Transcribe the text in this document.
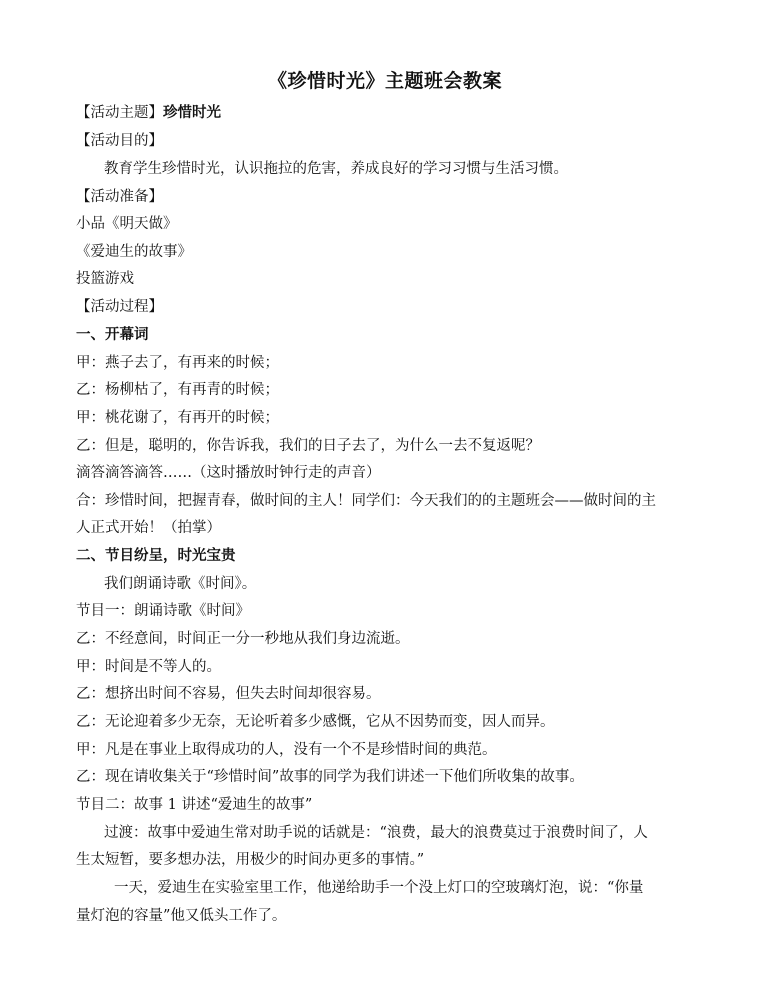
《珍惜时光》主题班会教案
【活动主题】珍惜时光
【活动目的】
教育学生珍惜时光，认识拖拉的危害，养成良好的学习习惯与生活习惯。
【活动准备】
小品《明天做》
《爱迪生的故事》
投篮游戏
【活动过程】
一、开幕词
甲：燕子去了，有再来的时候；
乙：杨柳枯了，有再青的时候；
甲：桃花谢了，有再开的时候；
乙：但是，聪明的，你告诉我，我们的日子去了，为什么一去不复返呢？
滴答滴答滴答……（这时播放时钟行走的声音）
合：珍惜时间，把握青春，做时间的主人！同学们：今天我们的的主题班会——做时间的主
人正式开始！（拍掌）
二、节目纷呈，时光宝贵
我们朗诵诗歌《时间》。
节目一：朗诵诗歌《时间》
乙：不经意间，时间正一分一秒地从我们身边流逝。
甲：时间是不等人的。
乙：想挤出时间不容易，但失去时间却很容易。
乙：无论迎着多少无奈，无论听着多少感慨，它从不因势而变，因人而异。
甲：凡是在事业上取得成功的人，没有一个不是珍惜时间的典范。
乙：现在请收集关于“珍惜时间”故事的同学为我们讲述一下他们所收集的故事。
节目二：故事 1 讲述“爱迪生的故事”
过渡：故事中爱迪生常对助手说的话就是：“浪费，最大的浪费莫过于浪费时间了，人
生太短暂，要多想办法，用极少的时间办更多的事情。”
一天，爱迪生在实验室里工作，他递给助手一个没上灯口的空玻璃灯泡，说：“你量
量灯泡的容量”他又低头工作了。
